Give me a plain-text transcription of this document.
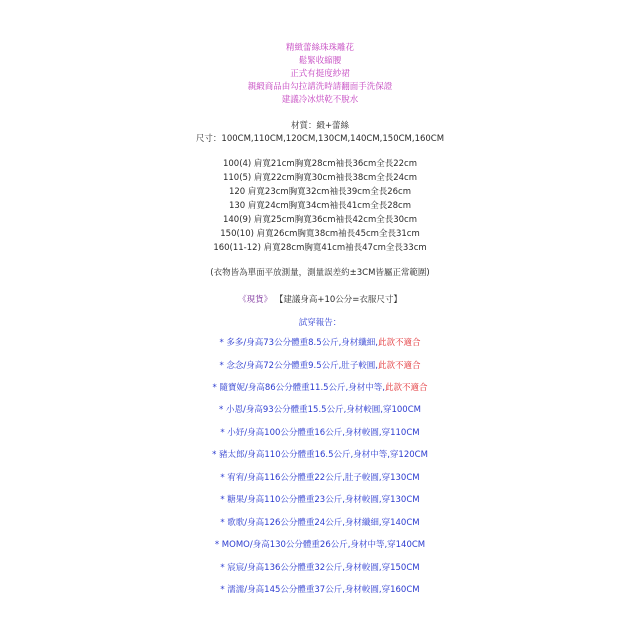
精緻蕾絲珠珠雕花
鬆緊收縮腰
正式有挺度紗裙
親緞商品由勾拉請洗時請翻面手洗保證
建議冷冰烘乾不脫水
材質：緞+蕾絲
尺寸：100CM,110CM,120CM,130CM,140CM,150CM,160CM
100(4) 肩寬21cm胸寬28cm袖長36cm全長22cm
110(5) 肩寬22cm胸寬30cm袖長38cm全長24cm
120 肩寬23cm胸寬32cm袖長39cm全長26cm
130 肩寬24cm胸寬34cm袖長41cm全長28cm
140(9) 肩寬25cm胸寬36cm袖長42cm全長30cm
150(10) 肩寬26cm胸寬38cm袖長45cm全長31cm
160(11-12) 肩寬28cm胸寬41cm袖長47cm全長33cm
(衣物皆為單面平放測量，測量誤差約±3CM皆屬正常範圍)
《現貨》 【建議身高+10公分=衣服尺寸】
試穿報告：
* 多多/身高73公分體重8.5公斤,身材纖細,此款不適合
* 念念/身高72公分體重9.5公斤,肚子較圓,此款不適合
* 隨寶妮/身高86公分體重11.5公斤,身材中等,此款不適合
* 小恩/身高93公分體重15.5公斤,身材較圓,穿100CM
* 小妤/身高100公分體重16公斤,身材較圓,穿110CM
* 豬太郎/身高110公分體重16.5公斤,身材中等,穿120CM
* 宥宥/身高116公分體重22公斤,肚子較圓,穿130CM
* 糖果/身高110公分體重23公斤,身材較圓,穿130CM
* 歌歌/身高126公分體重24公斤,身材纖細,穿140CM
* MOMO/身高130公分體重26公斤,身材中等,穿140CM
* 宸宸/身高136公分體重32公斤,身材較圓,穿150CM
* 濡濡/身高145公分體重37公斤,身材較圓,穿160CM
